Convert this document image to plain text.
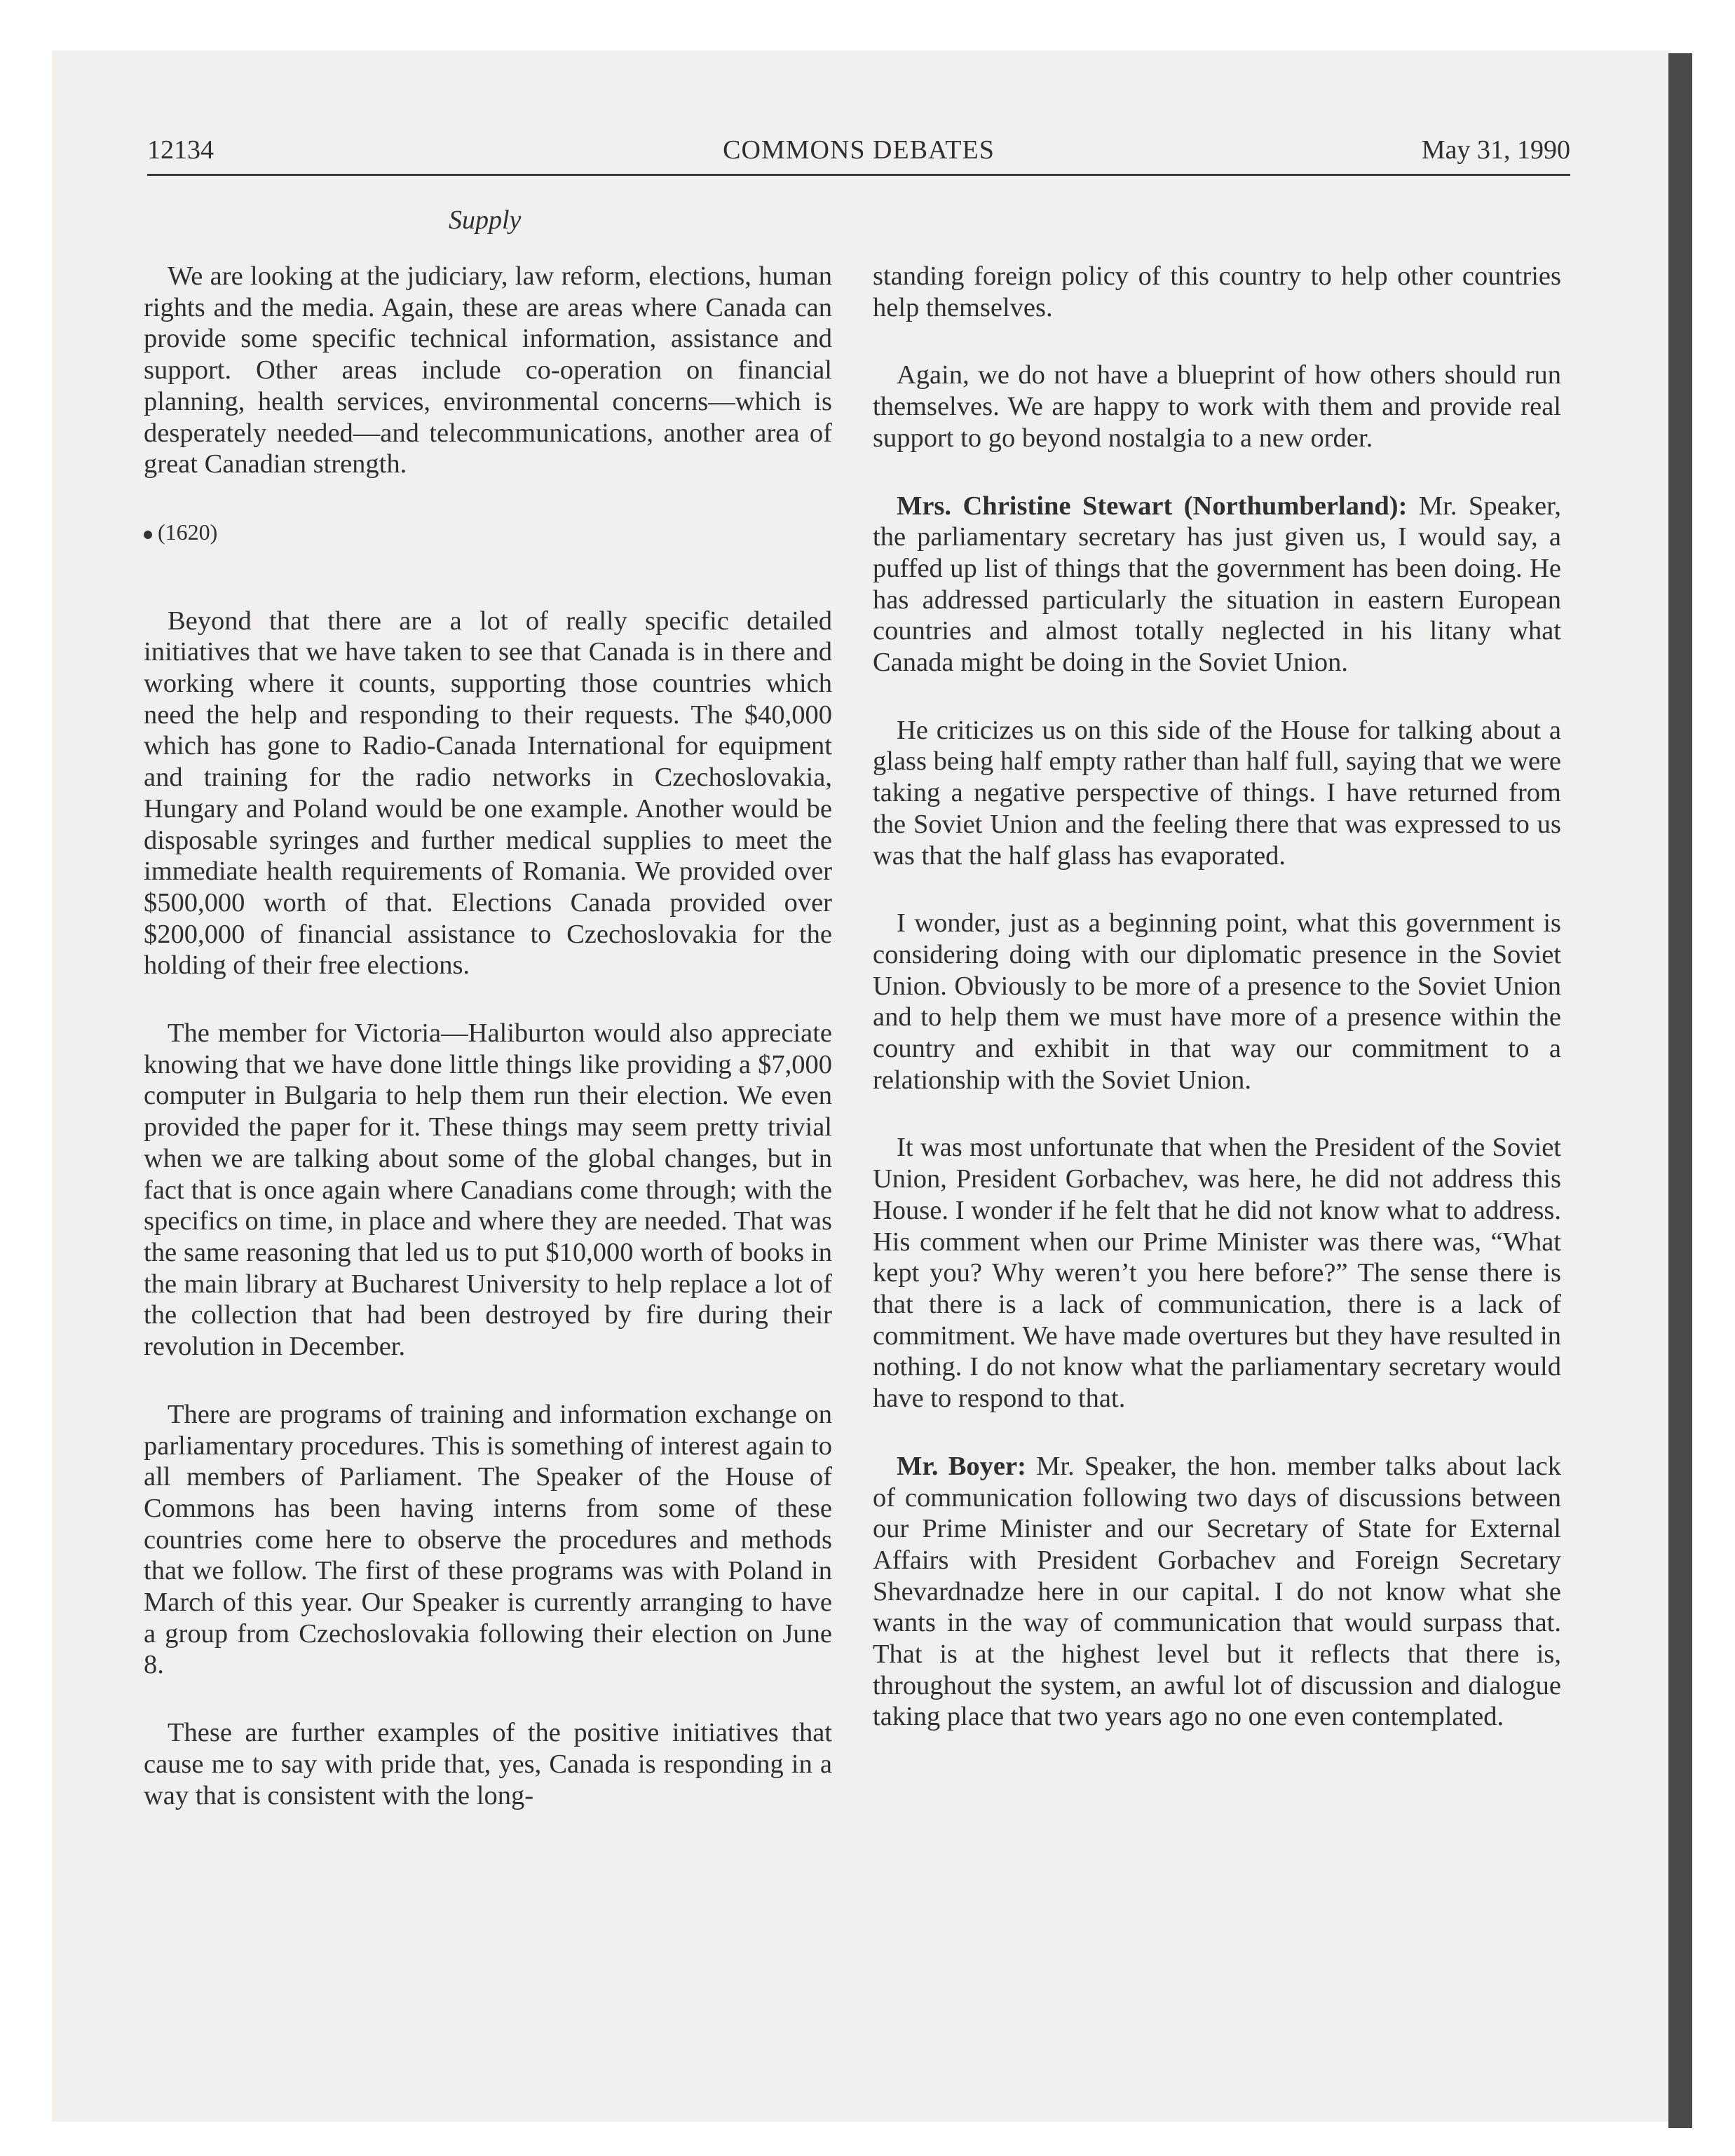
12134	COMMONS DEBATES	May 31, 1990
Supply

We are looking at the judiciary, law reform, elections, human rights and the media. Again, these are areas where Canada can provide some specific technical information, assistance and support. Other areas include co-operation on financial planning, health services, environmental concerns—which is desperately needed—and telecommunications, another area of great Canadian strength.

(1620)

Beyond that there are a lot of really specific detailed initiatives that we have taken to see that Canada is in there and working where it counts, supporting those countries which need the help and responding to their requests. The $40,000 which has gone to Radio-Canada International for equipment and training for the radio networks in Czechoslovakia, Hungary and Poland would be one example. Another would be disposable syringes and further medical supplies to meet the immediate health requirements of Romania. We provided over $500,000 worth of that. Elections Canada provided over $200,000 of financial assistance to Czechoslovakia for the holding of their free elections.

The member for Victoria—Haliburton would also appreciate knowing that we have done little things like providing a $7,000 computer in Bulgaria to help them run their election. We even provided the paper for it. These things may seem pretty trivial when we are talking about some of the global changes, but in fact that is once again where Canadians come through; with the specifics on time, in place and where they are needed. That was the same reasoning that led us to put $10,000 worth of books in the main library at Bucharest University to help replace a lot of the collection that had been destroyed by fire during their revolution in December.

There are programs of training and information exchange on parliamentary procedures. This is something of interest again to all members of Parliament. The Speaker of the House of Commons has been having interns from some of these countries come here to observe the procedures and methods that we follow. The first of these programs was with Poland in March of this year. Our Speaker is currently arranging to have a group from Czechoslovakia following their election on June 8.

These are further examples of the positive initiatives that cause me to say with pride that, yes, Canada is responding in a way that is consistent with the long-

standing foreign policy of this country to help other countries help themselves.

Again, we do not have a blueprint of how others should run themselves. We are happy to work with them and provide real support to go beyond nostalgia to a new order.

Mrs. Christine Stewart (Northumberland): Mr. Speaker, the parliamentary secretary has just given us, I would say, a puffed up list of things that the government has been doing. He has addressed particularly the situation in eastern European countries and almost totally neglected in his litany what Canada might be doing in the Soviet Union.

He criticizes us on this side of the House for talking about a glass being half empty rather than half full, saying that we were taking a negative perspective of things. I have returned from the Soviet Union and the feeling there that was expressed to us was that the half glass has evaporated.

I wonder, just as a beginning point, what this government is considering doing with our diplomatic presence in the Soviet Union. Obviously to be more of a presence to the Soviet Union and to help them we must have more of a presence within the country and exhibit in that way our commitment to a relationship with the Soviet Union.

It was most unfortunate that when the President of the Soviet Union, President Gorbachev, was here, he did not address this House. I wonder if he felt that he did not know what to address. His comment when our Prime Minister was there was, “What kept you? Why weren’t you here before?” The sense there is that there is a lack of communication, there is a lack of commitment. We have made overtures but they have resulted in nothing. I do not know what the parliamentary secretary would have to respond to that.

Mr. Boyer: Mr. Speaker, the hon. member talks about lack of communication following two days of discussions between our Prime Minister and our Secretary of State for External Affairs with President Gorbachev and Foreign Secretary Shevardnadze here in our capital. I do not know what she wants in the way of communication that would surpass that. That is at the highest level but it reflects that there is, throughout the system, an awful lot of discussion and dialogue taking place that two years ago no one even contemplated.
